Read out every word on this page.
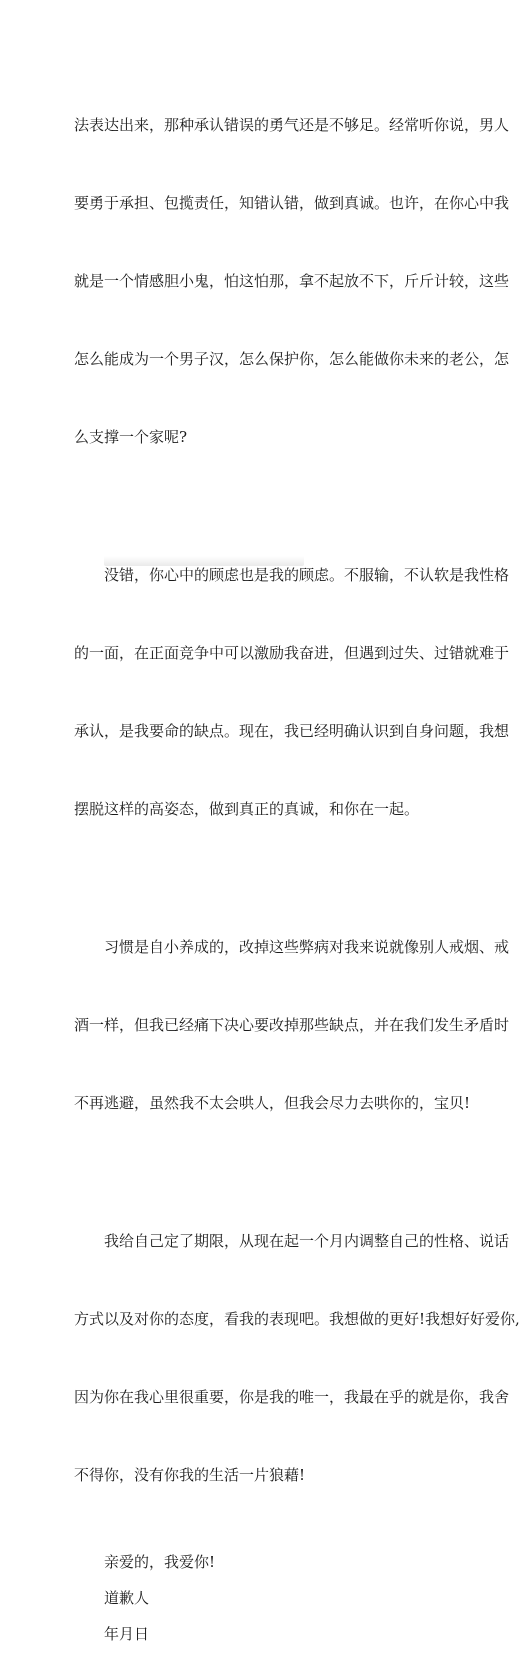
法表达出来，那种承认错误的勇气还是不够足。经常听你说，男人

要勇于承担、包揽责任，知错认错，做到真诚。也许，在你心中我

就是一个情感胆小鬼，怕这怕那，拿不起放不下，斤斤计较，这些

怎么能成为一个男子汉，怎么保护你，怎么能做你未来的老公，怎

么支撑一个家呢?

没错，你心中的顾虑也是我的顾虑。不服输，不认软是我性格

的一面，在正面竞争中可以激励我奋进，但遇到过失、过错就难于

承认，是我要命的缺点。现在，我已经明确认识到自身问题，我想

摆脱这样的高姿态，做到真正的真诚，和你在一起。

习惯是自小养成的，改掉这些弊病对我来说就像别人戒烟、戒

酒一样，但我已经痛下决心要改掉那些缺点，并在我们发生矛盾时

不再逃避，虽然我不太会哄人，但我会尽力去哄你的，宝贝!

我给自己定了期限，从现在起一个月内调整自己的性格、说话

方式以及对你的态度，看我的表现吧。我想做的更好!我想好好爱你,

因为你在我心里很重要，你是我的唯一，我最在乎的就是你，我舍

不得你，没有你我的生活一片狼藉!

亲爱的，我爱你!

道歉人

年月日
